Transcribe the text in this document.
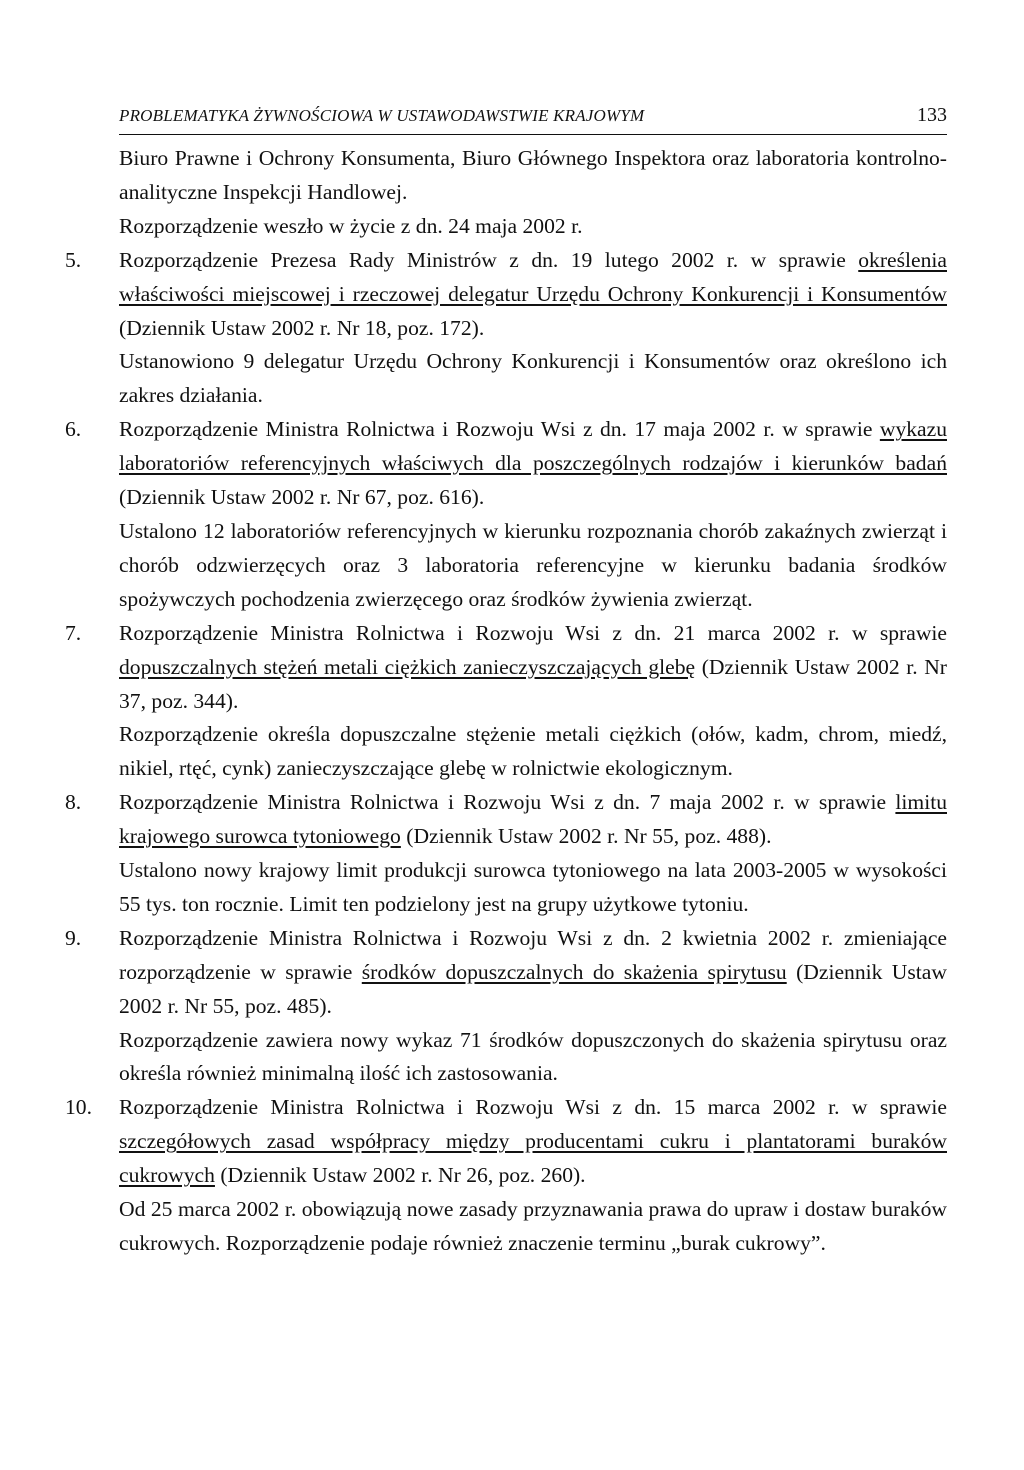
PROBLEMATYKA ŻYWNOŚCIOWA W USTAWODAWSTWIE KRAJOWYM	133

Biuro Prawne i Ochrony Konsumenta, Biuro Głównego Inspektora oraz laboratoria kontrolno-analityczne Inspekcji Handlowej.

Rozporządzenie weszło w życie z dn. 24 maja 2002 r.

5.	Rozporządzenie Prezesa Rady Ministrów z dn. 19 lutego 2002 r. w sprawie określenia właściwości miejscowej i rzeczowej delegatur Urzędu Ochrony Konkurencji i Konsumentów (Dziennik Ustaw 2002 r. Nr 18, poz. 172).

Ustanowiono 9 delegatur Urzędu Ochrony Konkurencji i Konsumentów oraz określono ich zakres działania.

6.	Rozporządzenie Ministra Rolnictwa i Rozwoju Wsi z dn. 17 maja 2002 r. w sprawie wykazu laboratoriów referencyjnych właściwych dla poszczególnych rodzajów i kierunków badań (Dziennik Ustaw 2002 r. Nr 67, poz. 616).

Ustalono 12 laboratoriów referencyjnych w kierunku rozpoznania chorób zakaźnych zwierząt i chorób odzwierzęcych oraz 3 laboratoria referencyjne w kierunku badania środków spożywczych pochodzenia zwierzęcego oraz środków żywienia zwierząt.

7.	Rozporządzenie Ministra Rolnictwa i Rozwoju Wsi z dn. 21 marca 2002 r. w sprawie dopuszczalnych stężeń metali ciężkich zanieczyszczających glebę (Dziennik Ustaw 2002 r. Nr 37, poz. 344).

Rozporządzenie określa dopuszczalne stężenie metali ciężkich (ołów, kadm, chrom, miedź, nikiel, rtęć, cynk) zanieczyszczające glebę w rolnictwie ekologicznym.

8.	Rozporządzenie Ministra Rolnictwa i Rozwoju Wsi z dn. 7 maja 2002 r. w sprawie limitu krajowego surowca tytoniowego (Dziennik Ustaw 2002 r. Nr 55, poz. 488).

Ustalono nowy krajowy limit produkcji surowca tytoniowego na lata 2003-2005 w wysokości 55 tys. ton rocznie. Limit ten podzielony jest na grupy użytkowe tytoniu.

9.	Rozporządzenie Ministra Rolnictwa i Rozwoju Wsi z dn. 2 kwietnia 2002 r. zmieniające rozporządzenie w sprawie środków dopuszczalnych do skażenia spirytusu (Dziennik Ustaw 2002 r. Nr 55, poz. 485).

Rozporządzenie zawiera nowy wykaz 71 środków dopuszczonych do skażenia spirytusu oraz określa również minimalną ilość ich zastosowania.

10.	Rozporządzenie Ministra Rolnictwa i Rozwoju Wsi z dn. 15 marca 2002 r. w sprawie szczegółowych zasad współpracy między producentami cukru i plantatorami buraków cukrowych (Dziennik Ustaw 2002 r. Nr 26, poz. 260).

Od 25 marca 2002 r. obowiązują nowe zasady przyznawania prawa do upraw i dostaw buraków cukrowych. Rozporządzenie podaje również znaczenie terminu „burak cukrowy”.
